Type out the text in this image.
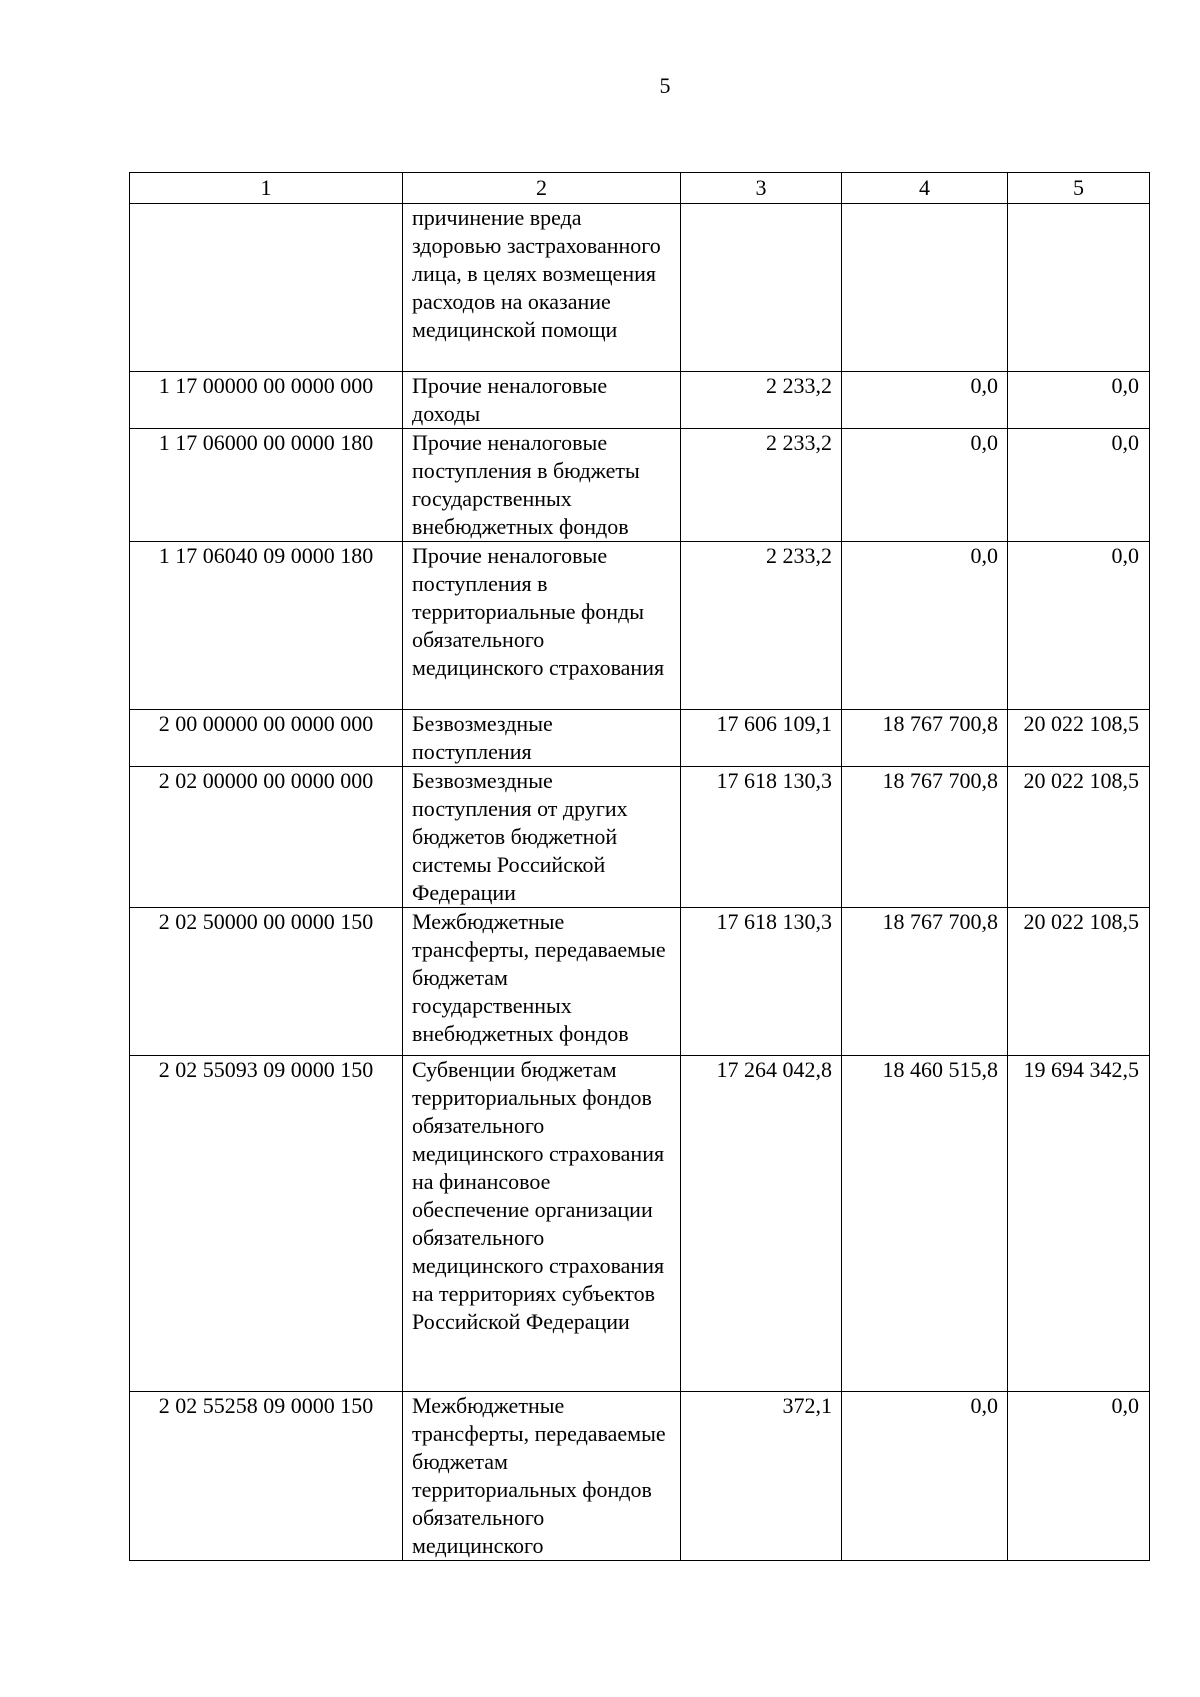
5
1	2	3	4	5
	причинение вреда здоровью застрахованного лица, в целях возмещения расходов на оказание медицинской помощи			
1 17 00000 00 0000 000	Прочие неналоговые доходы	2 233,2	0,0	0,0
1 17 06000 00 0000 180	Прочие неналоговые поступления в бюджеты государственных внебюджетных фондов	2 233,2	0,0	0,0
1 17 06040 09 0000 180	Прочие неналоговые поступления в территориальные фонды обязательного медицинского страхования	2 233,2	0,0	0,0
2 00 00000 00 0000 000	Безвозмездные поступления	17 606 109,1	18 767 700,8	20 022 108,5
2 02 00000 00 0000 000	Безвозмездные поступления от других бюджетов бюджетной системы Российской Федерации	17 618 130,3	18 767 700,8	20 022 108,5
2 02 50000 00 0000 150	Межбюджетные трансферты, передаваемые бюджетам государственных внебюджетных фондов	17 618 130,3	18 767 700,8	20 022 108,5
2 02 55093 09 0000 150	Субвенции бюджетам территориальных фондов обязательного медицинского страхования на финансовое обеспечение организации обязательного медицинского страхования на территориях субъектов Российской Федерации	17 264 042,8	18 460 515,8	19 694 342,5
2 02 55258 09 0000 150	Межбюджетные трансферты, передаваемые бюджетам территориальных фондов обязательного медицинского	372,1	0,0	0,0
